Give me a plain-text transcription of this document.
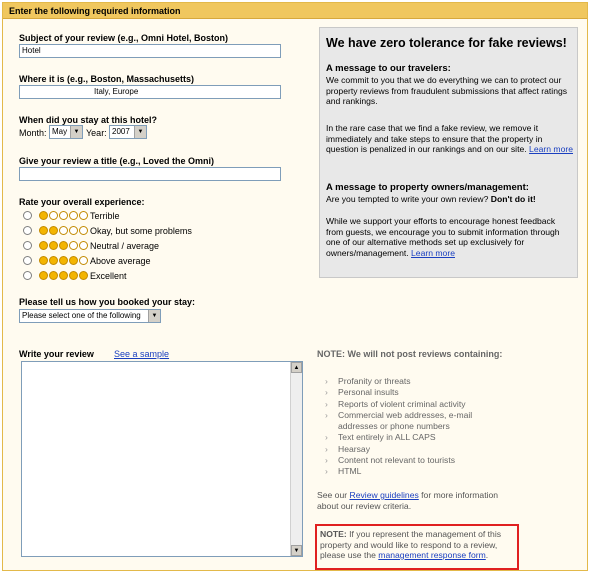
Enter the following required information
Subject of your review (e.g., Omni Hotel, Boston)
Hotel
Where it is (e.g., Boston, Massachusetts)
Italy, Europe
When did you stay at this hotel?
Month: May	▼ Year: 2007	▼
Give your review a title (e.g., Loved the Omni)
Rate your overall experience:
Terrible
Okay, but some problems
Neutral / average
Above average
Excellent
Please tell us how you booked your stay:
Please select one of the following	▼
We have zero tolerance for fake reviews!
A message to our travelers:
We commit to you that we do everything we can to protect our property reviews from fraudulent submissions that affect ratings and rankings.
In the rare case that we find a fake review, we remove it immediately and take steps to ensure that the property in question is penalized in our rankings and on our site. Learn more
A message to property owners/management:
Are you tempted to write your own review? Don't do it!
While we support your efforts to encourage honest feedback from guests, we encourage you to submit information through one of our alternative methods set up exclusively for owners/management. Learn more
Write your review See a sample
▲
▼
NOTE: We will not post reviews containing:
› Profanity or threats
› Personal insults
› Reports of violent criminal activity
› Commercial web addresses, e-mail addresses or phone numbers
› Text entirely in ALL CAPS
› Hearsay
› Content not relevant to tourists
› HTML
See our Review guidelines for more information about our review criteria.
NOTE: If you represent the management of this property and would like to respond to a review, please use the management response form.
